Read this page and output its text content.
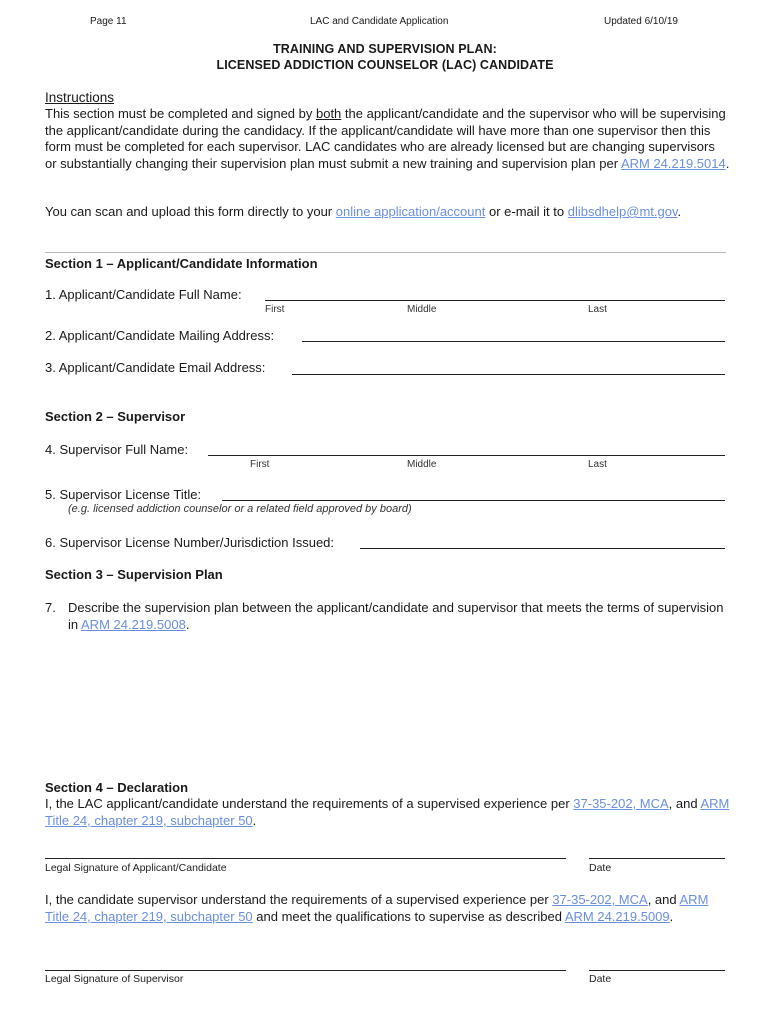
Page 11	LAC and Candidate Application	Updated 6/10/19
TRAINING AND SUPERVISION PLAN:
LICENSED ADDICTION COUNSELOR (LAC) CANDIDATE
Instructions
This section must be completed and signed by both the applicant/candidate and the supervisor who will be supervising the applicant/candidate during the candidacy. If the applicant/candidate will have more than one supervisor then this form must be completed for each supervisor. LAC candidates who are already licensed but are changing supervisors or substantially changing their supervision plan must submit a new training and supervision plan per ARM 24.219.5014.
You can scan and upload this form directly to your online application/account or e-mail it to dlibsdhelp@mt.gov.
Section 1 – Applicant/Candidate Information
1. Applicant/Candidate Full Name:
First	Middle	Last
2. Applicant/Candidate Mailing Address:
3. Applicant/Candidate Email Address:
Section 2 – Supervisor
4. Supervisor Full Name:
First	Middle	Last
5. Supervisor License Title:
(e.g. licensed addiction counselor or a related field approved by board)
6. Supervisor License Number/Jurisdiction Issued:
Section 3 – Supervision Plan
7. Describe the supervision plan between the applicant/candidate and supervisor that meets the terms of supervision in ARM 24.219.5008.
Section 4 – Declaration
I, the LAC applicant/candidate understand the requirements of a supervised experience per 37-35-202, MCA, and ARM Title 24, chapter 219, subchapter 50.
Legal Signature of Applicant/Candidate	Date
I, the candidate supervisor understand the requirements of a supervised experience per 37-35-202, MCA, and ARM Title 24, chapter 219, subchapter 50 and meet the qualifications to supervise as described ARM 24.219.5009.
Legal Signature of Supervisor	Date
